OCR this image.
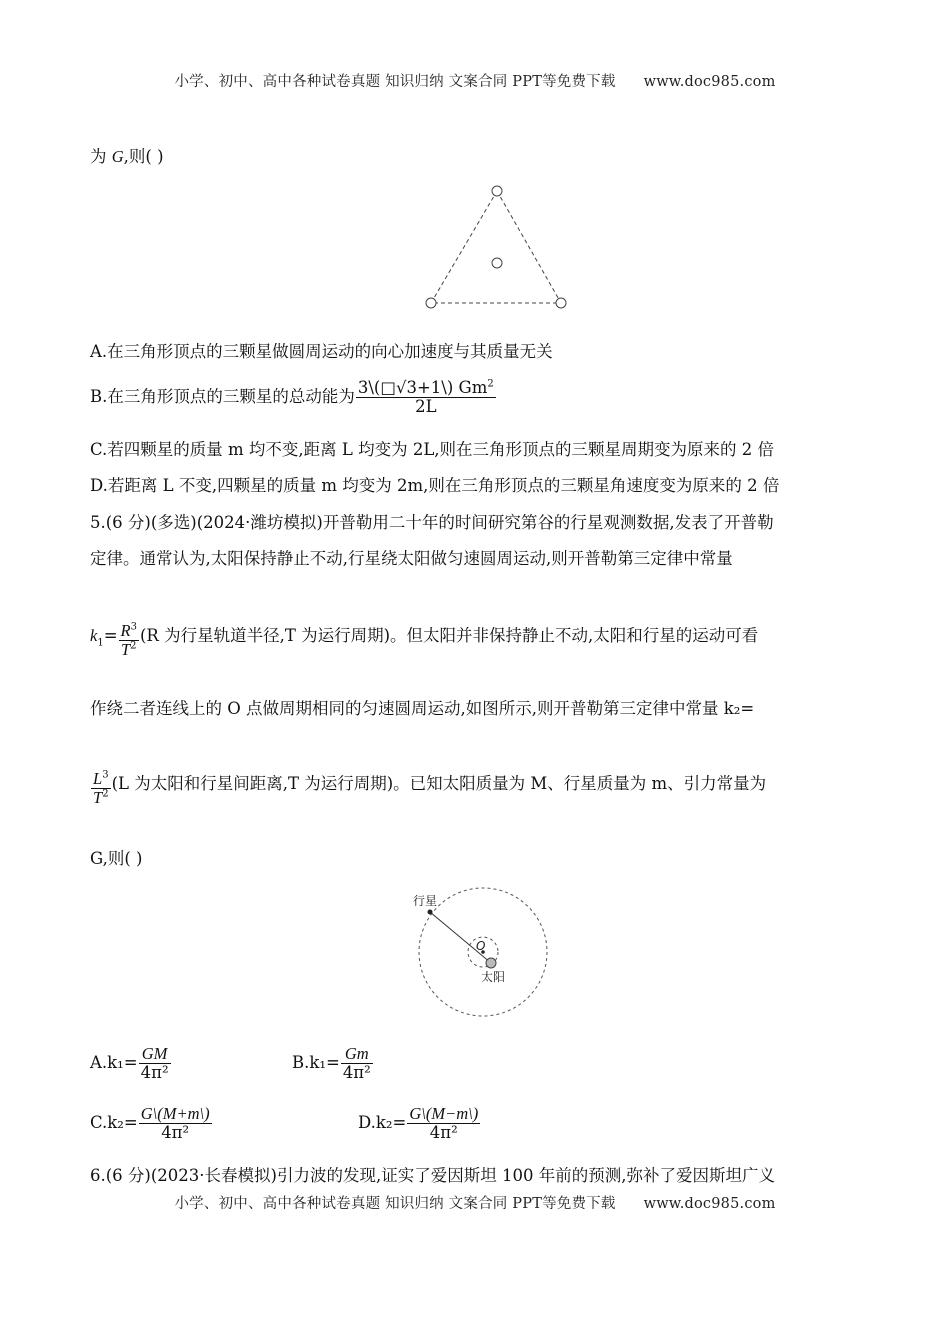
小学、初中、高中各种试卷真题 知识归纳 文案合同 PPT等免费下载 www.doc985.com
为 G,则( )
A.在三角形顶点的三颗星做圆周运动的向心加速度与其质量无关
B.在三角形顶点的三颗星的总动能为 $\frac{3\backslash(□√3+1\backslash) Gm^2}{2L}$
C.若四颗星的质量 m 均不变,距离 L 均变为 2L,则在三角形顶点的三颗星周期变为原来的 2 倍
D.若距离 L 不变,四颗星的质量 m 均变为 2m,则在三角形顶点的三颗星角速度变为原来的 2 倍
5.(6 分)(多选)(2024·潍坊模拟)开普勒用二十年的时间研究第谷的行星观测数据,发表了开普勒
定律。通常认为,太阳保持静止不动,行星绕太阳做匀速圆周运动,则开普勒第三定律中常量
$k_1= \frac{R^3}{T^2} (R$ 为行星轨道半径,T 为运行周期)。但太阳并非保持静止不动,太阳和行星的运动可看
作绕二者连线上的 O 点做周期相同的匀速圆周运动,如图所示,则开普勒第三定律中常量 k₂=
$\frac{L^3}{T^2} (L$ 为太阳和行星间距离,T 为运行周期)。已知太阳质量为 M、行星质量为 m、引力常量为
G,则( )
行星
O
太阳
$A.k_1= \frac{GM}{\text{4π²}}$	$B.k_1= \frac{Gm}{\text{4π²}}$
$C.k_2= \frac{G\backslash(M+m\backslash)}{\text{4π²}}$	$D.k_2= \frac{G\backslash(M-m\backslash)}{\text{4π²}}$
6.(6 分)(2023·长春模拟)引力波的发现,证实了爱因斯坦 100 年前的预测,弥补了爱因斯坦广义
小学、初中、高中各种试卷真题 知识归纳 文案合同 PPT等免费下载 www.doc985.com
